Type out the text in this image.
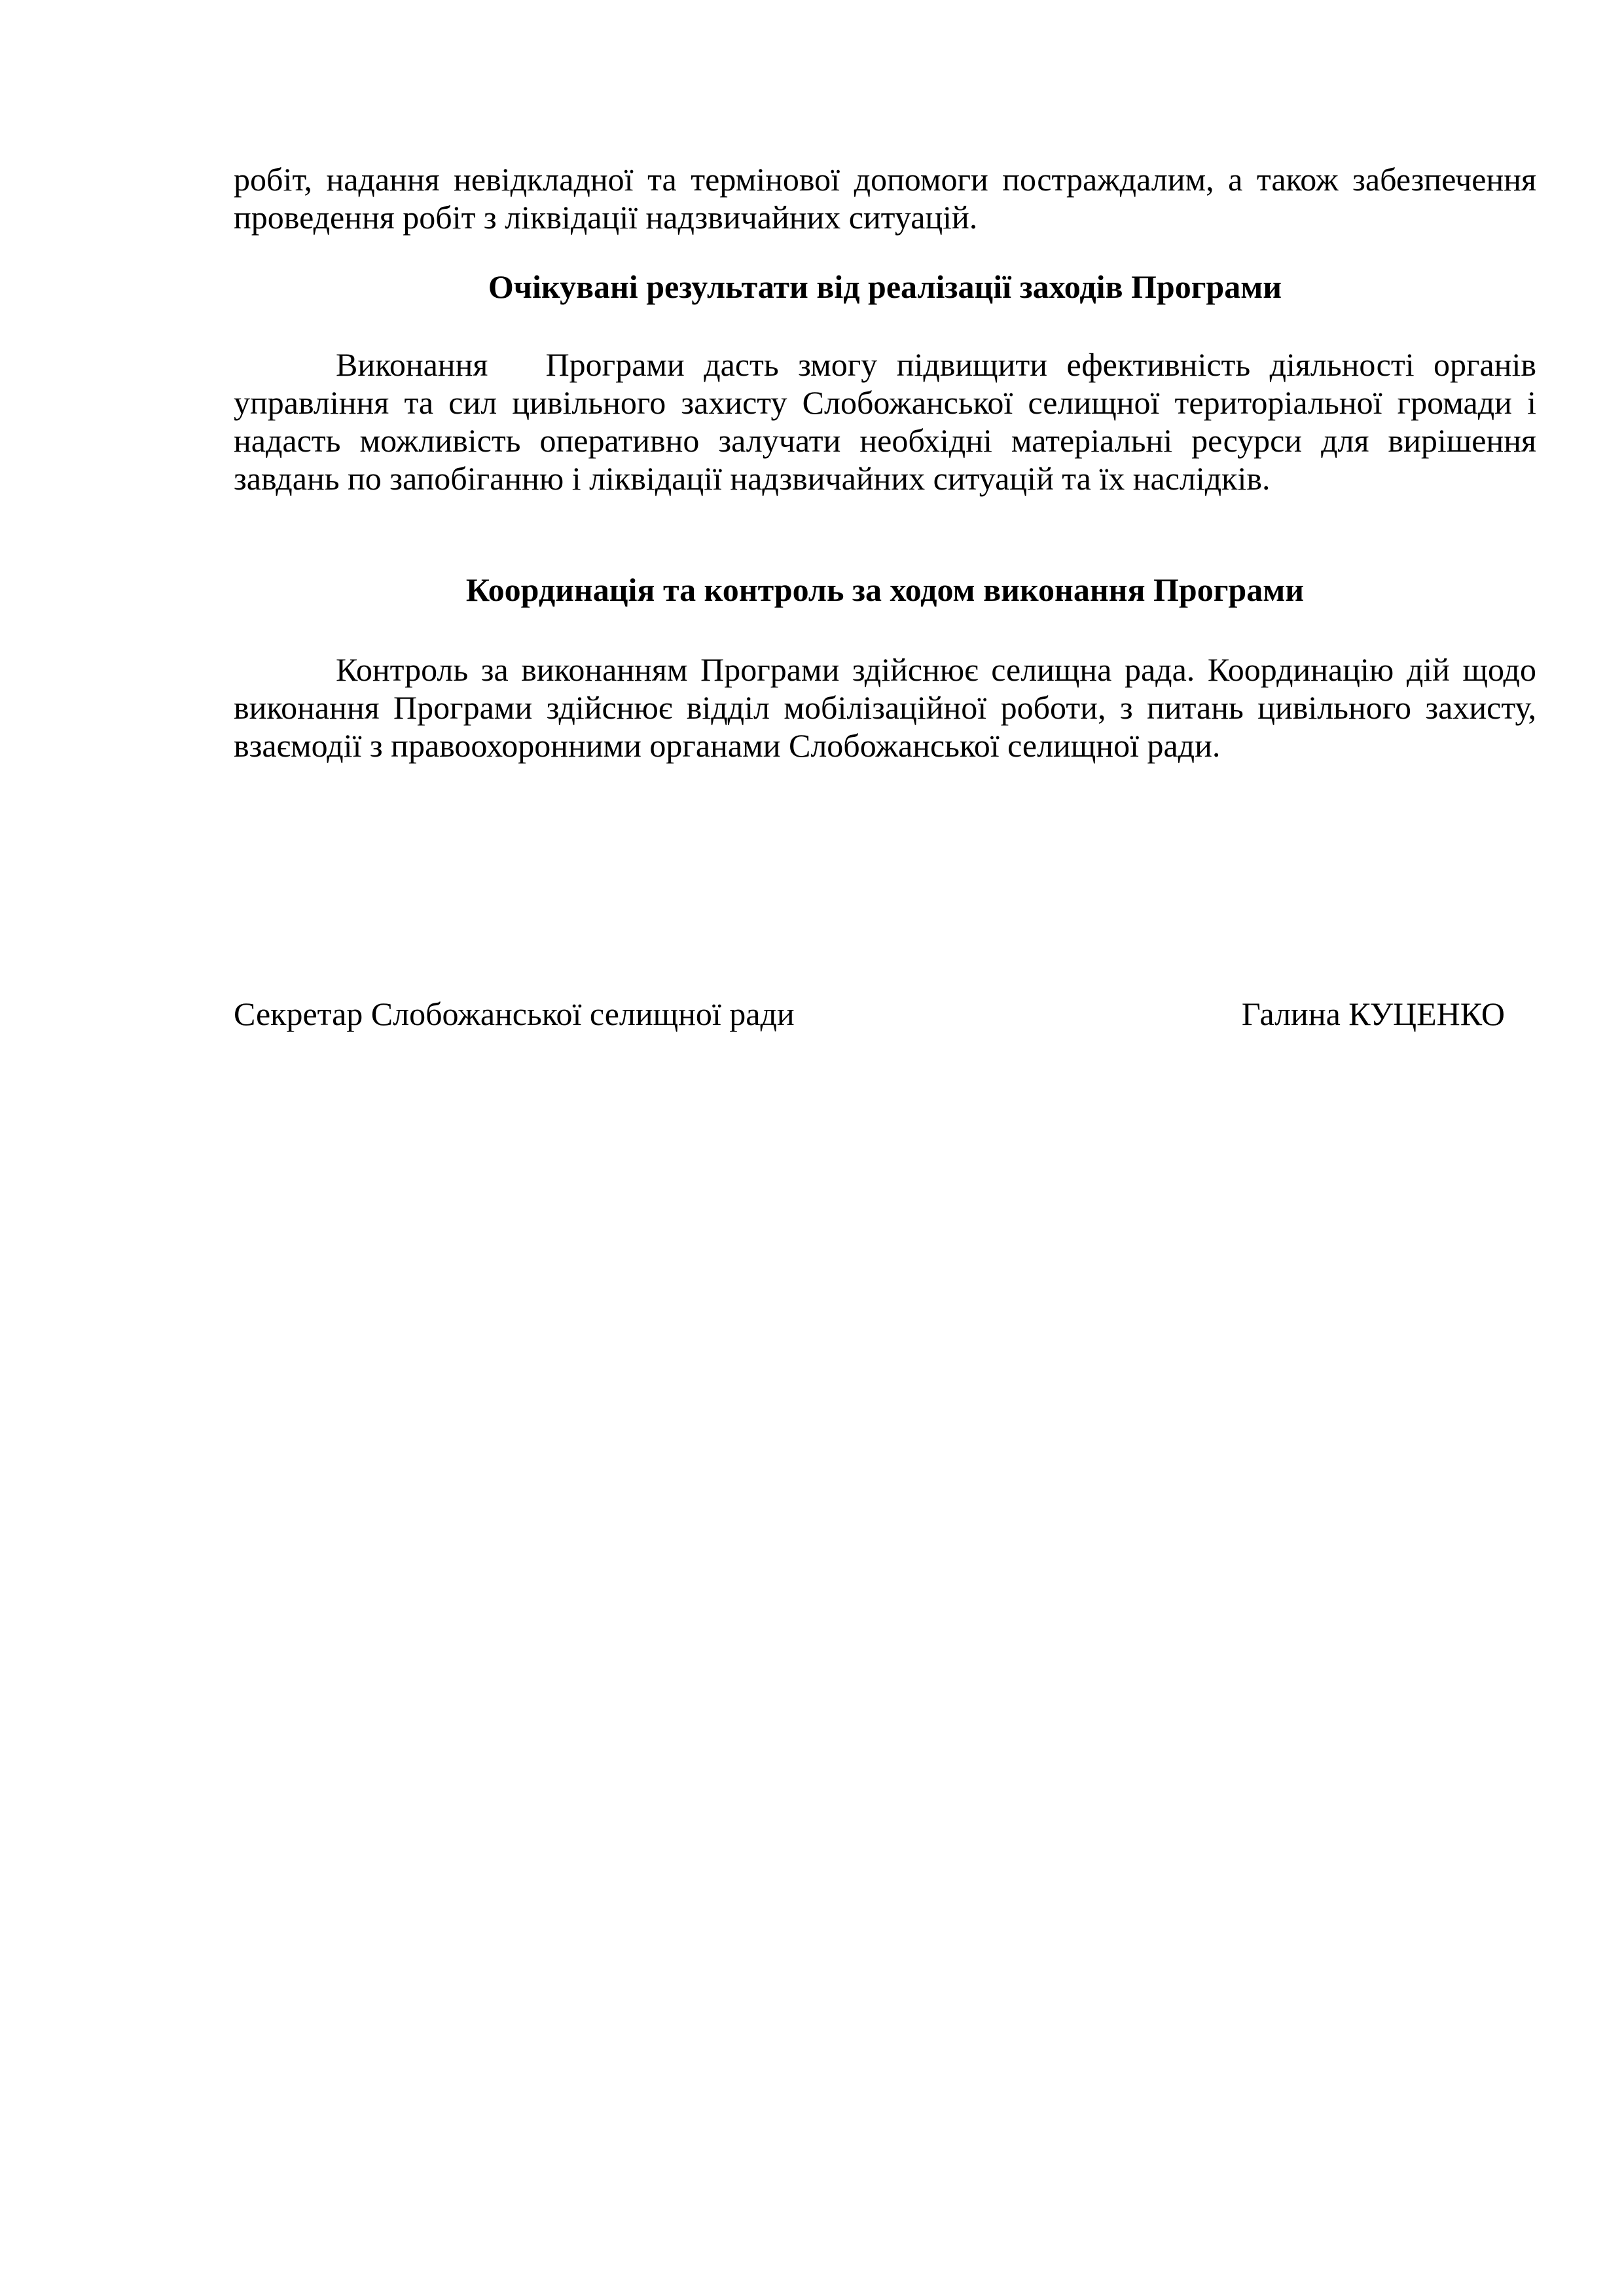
робіт, надання невідкладної та термінової допомоги постраждалим, а також забезпечення
проведення робіт з ліквідації надзвичайних ситуацій.
Очікувані результати від реалізації заходів Програми
Виконання   Програми дасть змогу підвищити ефективність діяльності органів
управління та сил цивільного захисту Слобожанської селищної територіальної громади і
надасть можливість оперативно залучати необхідні матеріальні ресурси для вирішення
завдань по запобіганню і ліквідації надзвичайних ситуацій та їх наслідків.
Координація та контроль за ходом виконання Програми
Контроль за виконанням Програми здійснює селищна рада. Координацію дій щодо
виконання Програми здійснює відділ мобілізаційної роботи, з питань цивільного захисту,
взаємодії з правоохоронними органами Слобожанської селищної ради.
Секретар Слобожанської селищної ради	Галина КУЦЕНКО
